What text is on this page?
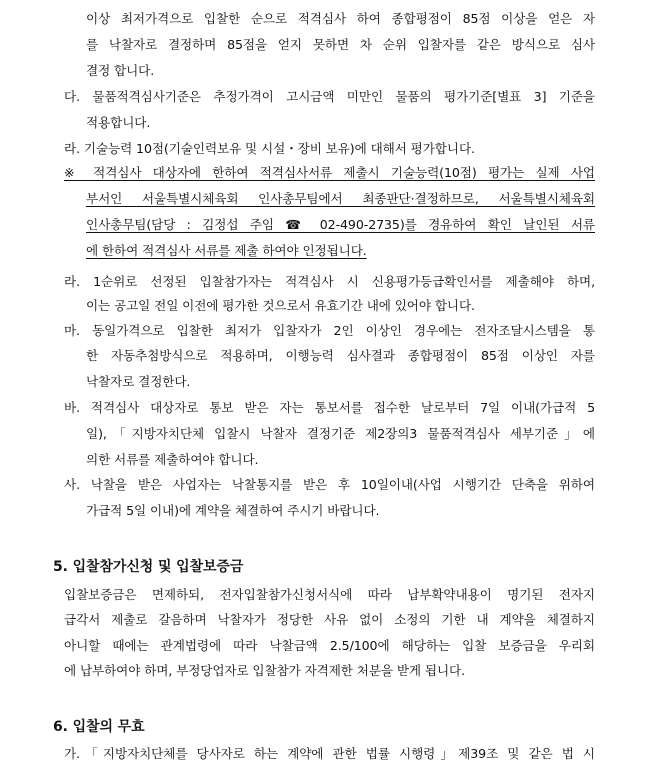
이상 최저가격으로 입찰한 순으로 적격심사 하여 종합평점이 85점 이상을 얻은 자
를 낙찰자로 결정하며 85점을 얻지 못하면 차 순위 입찰자를 같은 방식으로 심사
결정 합니다.
다. 물품적격심사기준은 추정가격이 고시금액 미만인 물품의 평가기준[별표 3] 기준을
적용합니다.
라. 기술능력 10점(기술인력보유 및 시설・장비 보유)에 대해서 평가합니다.
※ 적격심사 대상자에 한하여 적격심사서류 제출시 기술능력(10점) 평가는 실제 사업
부서인 서울특별시체육회 인사총무팀에서 최종판단·결정하므로, 서울특별시체육회
인사총무팀(담당 : 김정섭 주임 ☎ 02-490-2735)를 경유하여 확인 날인된 서류
에 한하여 적격심사 서류를 제출 하여야 인정됩니다.
라. 1순위로 선정된 입찰참가자는 적격심사 시 신용평가등급확인서를 제출해야 하며,
이는 공고일 전일 이전에 평가한 것으로서 유효기간 내에 있어야 합니다.
마. 동일가격으로 입찰한 최저가 입찰자가 2인 이상인 경우에는 전자조달시스템을 통
한 자동추첨방식으로 적용하며, 이행능력 심사결과 종합평점이 85점 이상인 자를
낙찰자로 결정한다.
바. 적격심사 대상자로 통보 받은 자는 통보서를 접수한 날로부터 7일 이내(가급적 5
일),「지방자치단체 입찰시 낙찰자 결정기준 제2장의3 물품적격심사 세부기준」에
의한 서류를 제출하여야 합니다.
사. 낙찰을 받은 사업자는 낙찰통지를 받은 후 10일이내(사업 시행기간 단축을 위하여
가급적 5일 이내)에 계약을 체결하여 주시기 바랍니다.
5. 입찰참가신청 및 입찰보증금
입찰보증금은 면제하되, 전자입찰참가신청서식에 따라 납부확약내용이 명기된 전자지
급각서 제출로 갈음하며 낙찰자가 정당한 사유 없이 소정의 기한 내 계약을 체결하지
아니할 때에는 관계법령에 따라 낙찰금액 2.5/100에 해당하는 입찰 보증금을 우리회
에 납부하여야 하며, 부정당업자로 입찰참가 자격제한 처분을 받게 됩니다.
6. 입찰의 무효
가.「지방자치단체를 당사자로 하는 계약에 관한 법률 시행령」제39조 및 같은 법 시
